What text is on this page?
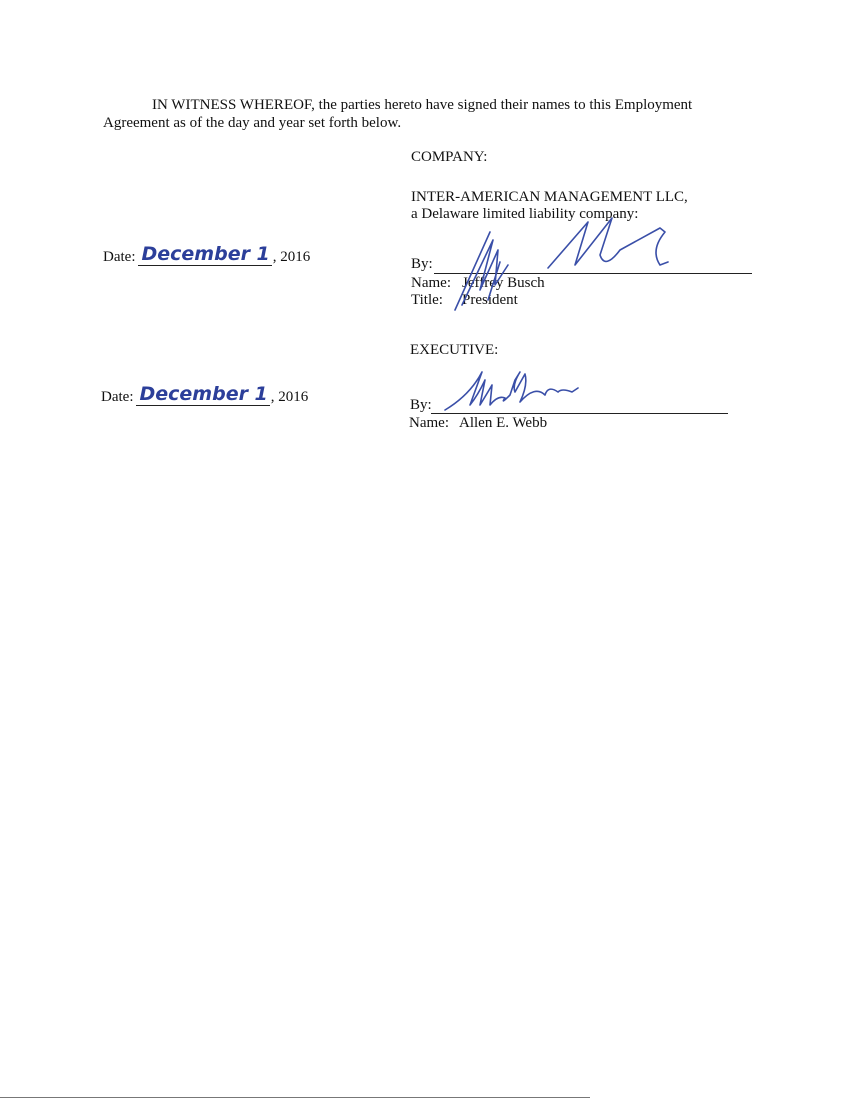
IN WITNESS WHEREOF, the parties hereto have signed their names to this Employment
Agreement as of the day and year set forth below.
COMPANY:
INTER-AMERICAN MANAGEMENT LLC,
a Delaware limited liability company:
Date: December 1 , 2016	By:
Name: Jeffrey Busch
Title: President
EXECUTIVE:
Date: December 1 , 2016	By:
Name: Allen E. Webb
